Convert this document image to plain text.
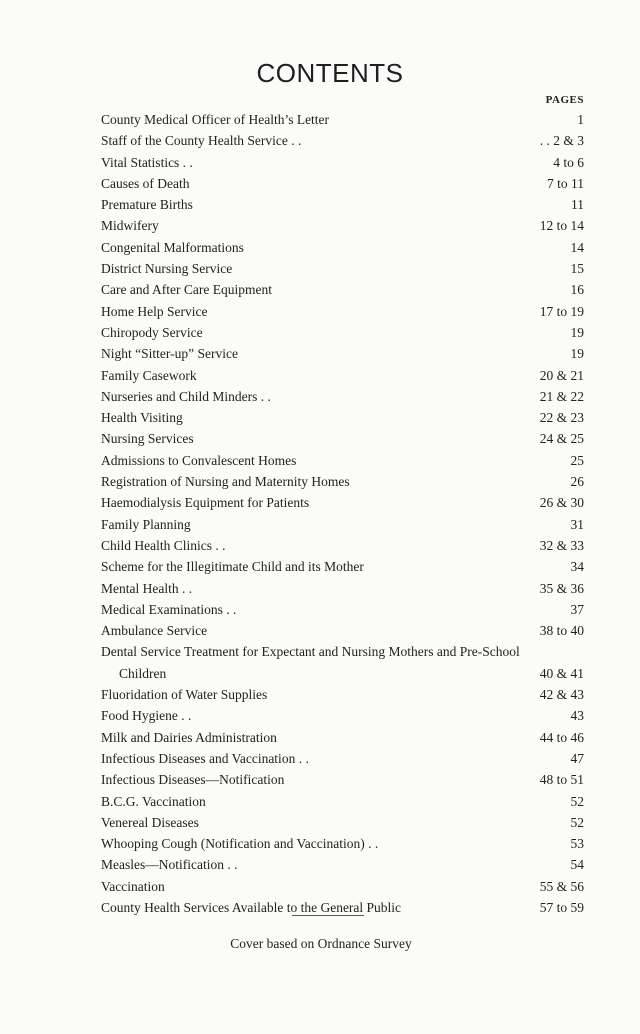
CONTENTS
PAGES
County Medical Officer of Health’s Letter	1
Staff of the County Health Service . .	. . 2 & 3
Vital Statistics . .	4 to 6
Causes of Death	7 to 11
Premature Births	11
Midwifery	12 to 14
Congenital Malformations	14
District Nursing Service	15
Care and After Care Equipment	16
Home Help Service	17 to 19
Chiropody Service	19
Night “Sitter-up” Service	19
Family Casework	20 & 21
Nurseries and Child Minders . .	21 & 22
Health Visiting	22 & 23
Nursing Services	24 & 25
Admissions to Convalescent Homes	25
Registration of Nursing and Maternity Homes	26
Haemodialysis Equipment for Patients	26 & 30
Family Planning	31
Child Health Clinics . .	32 & 33
Scheme for the Illegitimate Child and its Mother	34
Mental Health . .	35 & 36
Medical Examinations . .	37
Ambulance Service	38 to 40
Dental Service Treatment for Expectant and Nursing Mothers and Pre-School
Children	40 & 41
Fluoridation of Water Supplies	42 & 43
Food Hygiene . .	43
Milk and Dairies Administration	44 to 46
Infectious Diseases and Vaccination . .	47
Infectious Diseases—Notification	48 to 51
B.C.G. Vaccination	52
Venereal Diseases	52
Whooping Cough (Notification and Vaccination) . .	53
Measles—Notification . .	54
Vaccination	55 & 56
County Health Services Available to the General Public	57 to 59
Cover based on Ordnance Survey
